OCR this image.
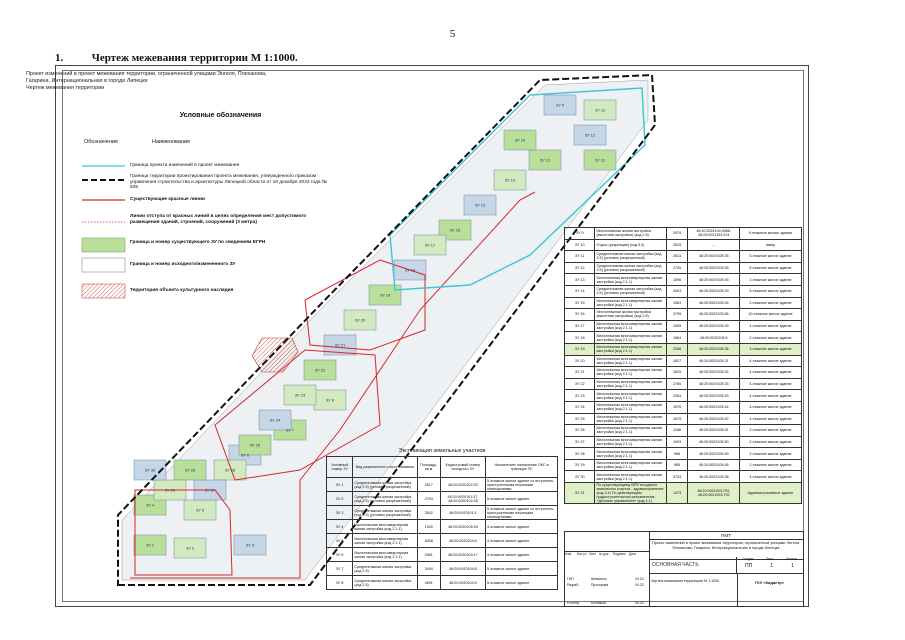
5
1.	Чертеж межевания территории М 1:1000.
ЗУ 1
ЗУ 2
ЗУ 3
ЗУ 4
ЗУ 5
ЗУ 6
ЗУ 7
ЗУ 8
ЗУ 9
ЗУ 10
ЗУ 11
ЗУ 12
ЗУ 13
ЗУ 14
ЗУ 15
ЗУ 16
ЗУ 17
ЗУ 18
ЗУ 19
ЗУ 20
ЗУ 21
ЗУ 22
ЗУ 23
ЗУ 24
ЗУ 25
ЗУ 26
ЗУ 27
ЗУ 28
ЗУ 29
ЗУ 30
ЗУ 31
Проект изменений в проект межевания территории, ограниченной улицами Энгеля, Плеханова,
Гагарина, Интернациональная в городе Липецке
Чертеж межевания территории
Условные обозначения
Обозначение	Наименование
Граница проекта изменений в проект межевания
Граница территории проектирования проекта межевания, утвержденного приказом управления строительства и архитектуры Липецкой области от 19 декабря 2022 года № 535
Существующие красные линии
Линии отступа от красных линий в целях определения мест допустимого размещения зданий, строений, сооружений (3 метра)
Граница и номер существующего ЗУ по сведениям ЕГРН
Граница и номер исходного/измененного ЗУ
Территория объекта культурного наследия
ЗУ 9	Многоэтажная жилая застройка (высотная застройка) (код 2.6)	2979	48:20:0021104:3068, 48:20:0021104:324	9-этажные жилые здания
ЗУ 10	Отдых (рекреация) (код 5.0)	2625	–	сквер
ЗУ 11	Среднеэтажная жилая застройка (код 2.5) (условно разрешенный)	2613	48:20:0020105:35	5-этажное жилое здание
ЗУ 12	Среднеэтажная жилая застройка (код 2.5) (условно разрешенный)	2726	48:20:0020105:55	5-этажное жилое здание
ЗУ 13	Малоэтажная многоквартирная жилая застройка (код 2.1.1)	1096	48:20:0020105:45	2-этажное жилое здание
ЗУ 14	Среднеэтажная жилая застройка (код 2.5) (условно разрешенный)	3403	48:20:0020105:29	5-этажное жилое здание
ЗУ 15	Малоэтажная многоквартирная жилая застройка (код 2.1.1)	1083	48:20:0020105:46	2-этажное жилое здание
ЗУ 16	Многоэтажная жилая застройка (высотная застройка) (код 2.6)	3795	48:20:0020105:56	10-этажное жилое здание
ЗУ 17	Малоэтажная многоквартирная жилая застройка (код 2.1.1)	1905	48:20:0020105:39	4-этажное жилое здание
ЗУ 18	Малоэтажная многоквартирная жилая застройка (код 2.1.1)	1564	48:20:0020105:5	2-этажное жилое здание
ЗУ 19	Малоэтажная многоквартирная жилая застройка (код 2.1.1)	2336	48:20:0020105:36	3-этажное жилое здание
ЗУ 20	Малоэтажная многоквартирная жилая застройка (код 2.1.1)	1837	48:20:0020105:31	4-этажное жилое здание
ЗУ 21	Малоэтажная многоквартирная жилая застройка (код 2.1.1)	1815	48:20:0020105:32	4-этажное жилое здание
ЗУ 22	Малоэтажная многоквартирная жилая застройка (код 2.1.1)	2766	48:20:0020105:33	4-этажное жилое здание
ЗУ 23	Малоэтажная многоквартирная жилая застройка (код 2.1.1)	2264	48:20:0020105:43	4-этажное жилое здание
ЗУ 24	Малоэтажная многоквартирная жилая застройка (код 2.1.1)	1576	48:20:0020105:44	4-этажное жилое здание
ЗУ 25	Малоэтажная многоквартирная жилая застройка (код 2.1.1)	1675	48:20:0020105:52	4-этажное жилое здание
ЗУ 26	Малоэтажная многоквартирная жилая застройка (код 2.1.1)	1186	48:20:0020105:51	2-этажное жилое здание
ЗУ 27	Малоэтажная многоквартирная жилая застройка (код 2.1.1)	1093	48:20:0020105:50	2-этажное жилое здание
ЗУ 28	Малоэтажная многоквартирная жилая застройка (код 2.1.1)	986	48:20:0020105:49	2-этажное жилое здание
ЗУ 29	Малоэтажная многоквартирная жилая застройка (код 2.1.1)	985	48:20:0020105:48	2-этажное жилое здание
ЗУ 30	Малоэтажная многоквартирная жилая застройка (код 2.1.1)	3733	48:20:0020105:38	4-этажное жилое здание
ЗУ 31	По существующему ВРИ исходного земельного участка - здравоохранение (код 3.4) По действующим градостроительным регламентам - «Деловое управление» (код 4.1)	1473	48:20:0021003:793, 48:20:0021003:792	Административное здание
Экспликация земельных участков
Условный номер ЗУ	Вид разрешенного использования	Площадь, кв.м	Кадастровый номер исходного ЗУ	Назначение/ назначение ОКС в границах ЗУ
ЗУ 1	Среднеэтажная жилая застройка (код 2.5) (условно разрешенный)	2617	48:20:0020102:32	5-этажное жилое здание со встроенно-пристроенными нежилыми помещениями
ЗУ 2	Среднеэтажная жилая застройка (код 2.5) (условно разрешенный)	2794	48:20:0020101:37, 48:20:0020102:36	5-этажное жилое здание
ЗУ 3	Среднеэтажная жилая застройка (код 2.5) (условно разрешенный)	2642	48:20:0020101:1	5-этажное жилое здание со встроенно-пристроенными нежилыми помещениями
ЗУ 4	Малоэтажная многоквартирная жилая застройка (код 2.1.1)	1340	48:20:0020105:39	4-этажное жилое здание
ЗУ 5	Малоэтажная многоквартирная жилая застройка (код 2.1.1)	4058	48:20:0020104:6	4-этажное жилое здание
ЗУ 6	Малоэтажная многоквартирная жилая застройка (код 2.1.1)	2981	48:20:0020104:17	4-этажное жилое здание
ЗУ 7	Среднеэтажная жилая застройка (код 2.5)	3494	48:20:0020104:8	5-этажное жилое здание
ЗУ 8	Среднеэтажная жилая застройка (код 2.5)	2691	48:20:0020104:9	5-этажное жилое здание
ПМТ
Проект изменений в проект межевания территории, ограниченной улицами Энгеля, Плеханова, Гагарина, Интернациональная в городе Липецке
Изм.	Кол.уч Лист № док.	Подпись	Дата
ГИП
Разраб.
Н.контр.
Шевченко
Прохорова
Колпаков
04.23
04.23
04.23
ОСНОВНАЯ ЧАСТЬ
Стадия	Лист	Листов
ПП	1	1
Чертеж межевания территории М 1:1000	ГКУ «Кадастр»
